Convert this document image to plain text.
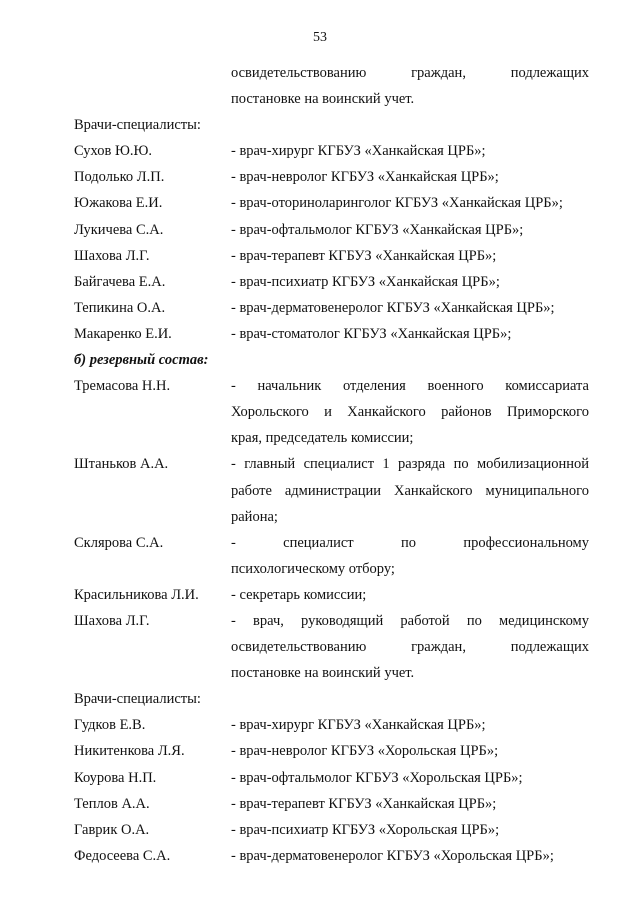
53
освидетельствованию граждан, подлежащих
постановке на воинский учет.
Врачи-специалисты:
Сухов Ю.Ю.	- врач-хирург КГБУЗ «Ханкайская ЦРБ»;
Подолько Л.П.	- врач-невролог КГБУЗ «Ханкайская ЦРБ»;
Южакова Е.И.	- врач-оториноларинголог КГБУЗ «Ханкайская ЦРБ»;
Лукичева С.А.	- врач-офтальмолог КГБУЗ «Ханкайская ЦРБ»;
Шахова Л.Г.	- врач-терапевт КГБУЗ «Ханкайская ЦРБ»;
Байгачева Е.А.	- врач-психиатр КГБУЗ «Ханкайская ЦРБ»;
Тепикина О.А.	- врач-дерматовенеролог КГБУЗ «Ханкайская ЦРБ»;
Макаренко Е.И.	- врач-стоматолог КГБУЗ «Ханкайская ЦРБ»;
б) резервный состав:
Тремасова Н.Н.	- начальник отделения военного комиссариата
Хорольского и Ханкайского районов Приморского
края, председатель комиссии;
Штаньков А.А.	- главный специалист 1 разряда по мобилизационной
работе администрации Ханкайского муниципального
района;
Склярова С.А.	- специалист по профессиональному
психологическому отбору;
Красильникова Л.И.	- секретарь комиссии;
Шахова Л.Г.	- врач, руководящий работой по медицинскому
освидетельствованию граждан, подлежащих
постановке на воинский учет.
Врачи-специалисты:
Гудков Е.В.	- врач-хирург КГБУЗ «Ханкайская ЦРБ»;
Никитенкова Л.Я.	- врач-невролог КГБУЗ «Хорольская ЦРБ»;
Коурова Н.П.	- врач-офтальмолог КГБУЗ «Хорольская ЦРБ»;
Теплов А.А.	- врач-терапевт КГБУЗ «Ханкайская ЦРБ»;
Гаврик О.А.	- врач-психиатр КГБУЗ «Хорольская ЦРБ»;
Федосеева С.А.	- врач-дерматовенеролог КГБУЗ «Хорольская ЦРБ»;
